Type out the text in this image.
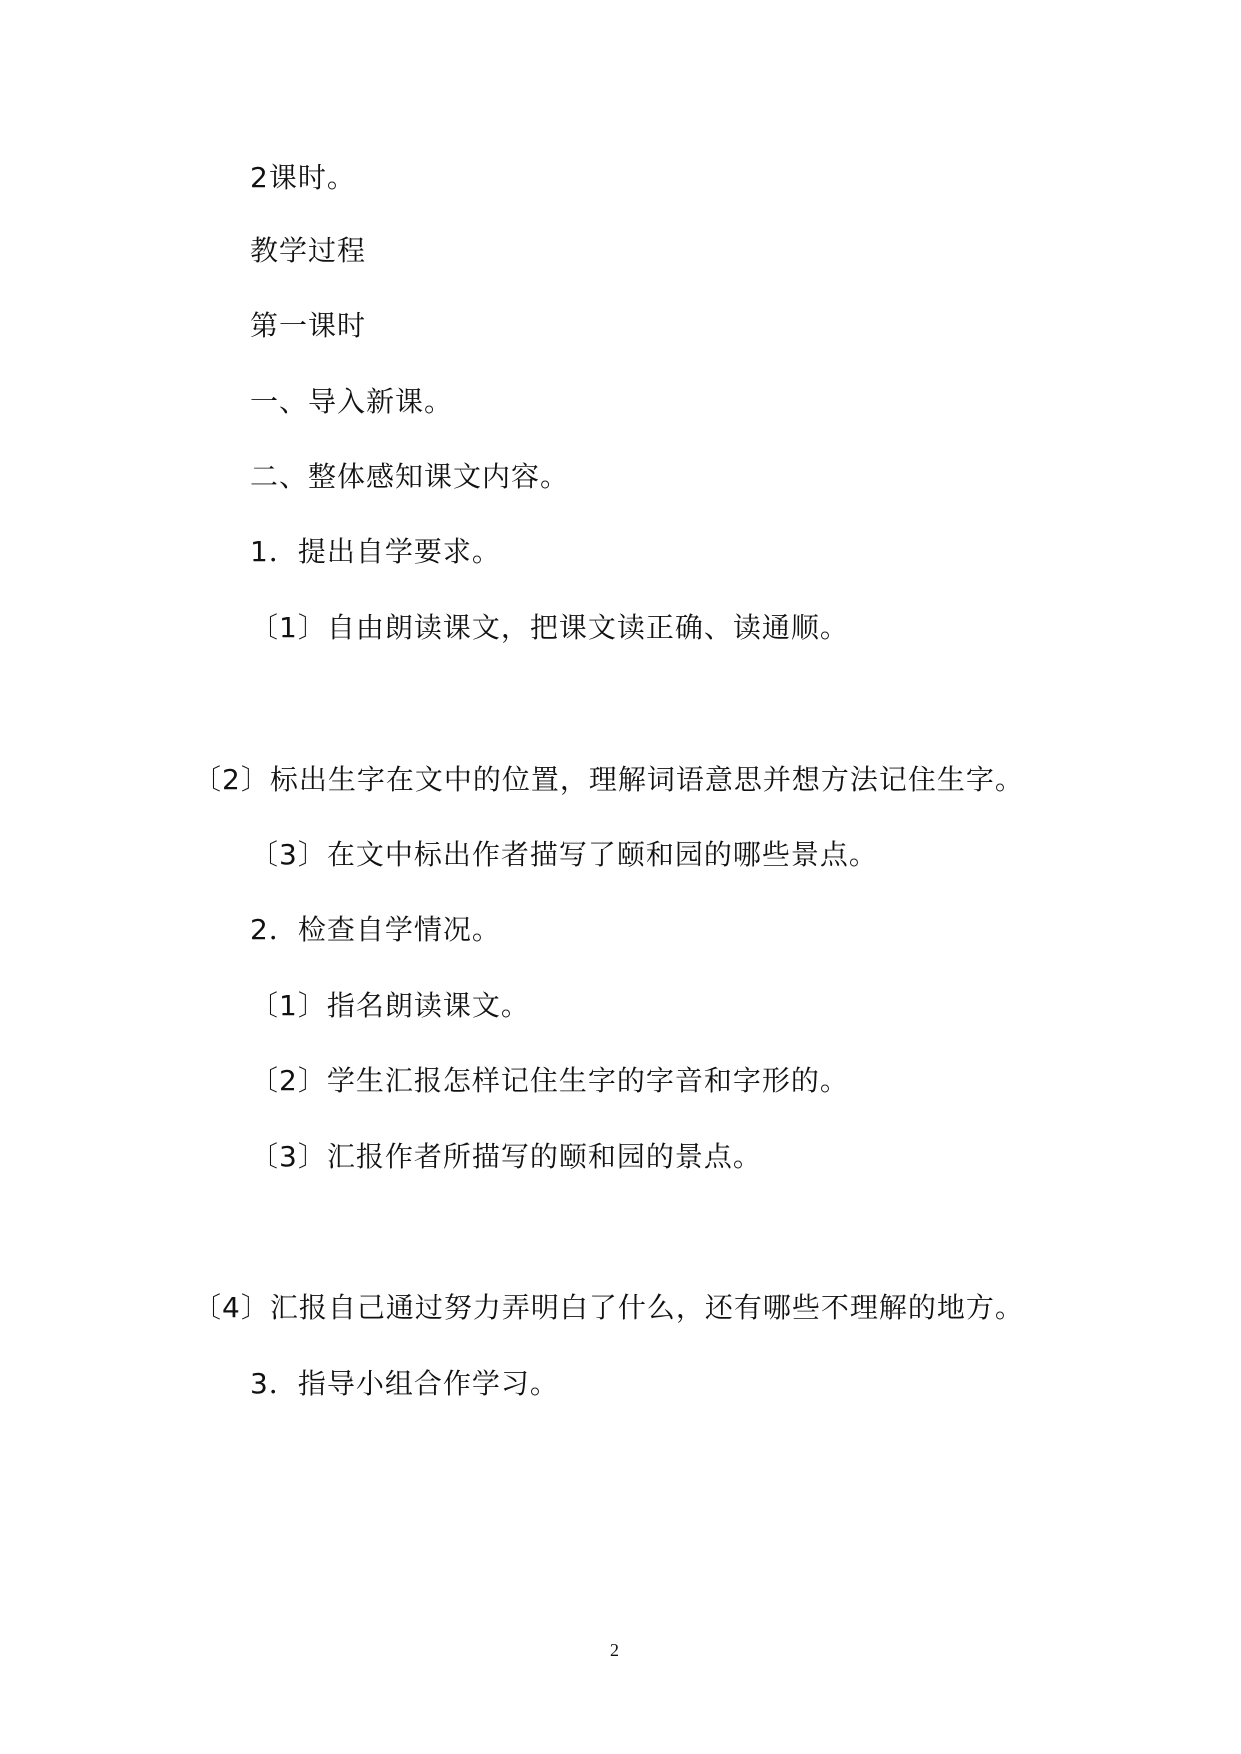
2课时。
教学过程
第一课时
一、导入新课。
二、整体感知课文内容。
1．提出自学要求。
〔1〕自由朗读课文，把课文读正确、读通顺。
〔2〕标出生字在文中的位置，理解词语意思并想方法记住生字。
〔3〕在文中标出作者描写了颐和园的哪些景点。
2．检查自学情况。
〔1〕指名朗读课文。
〔2〕学生汇报怎样记住生字的字音和字形的。
〔3〕汇报作者所描写的颐和园的景点。
〔4〕汇报自己通过努力弄明白了什么，还有哪些不理解的地方。
3．指导小组合作学习。
2
